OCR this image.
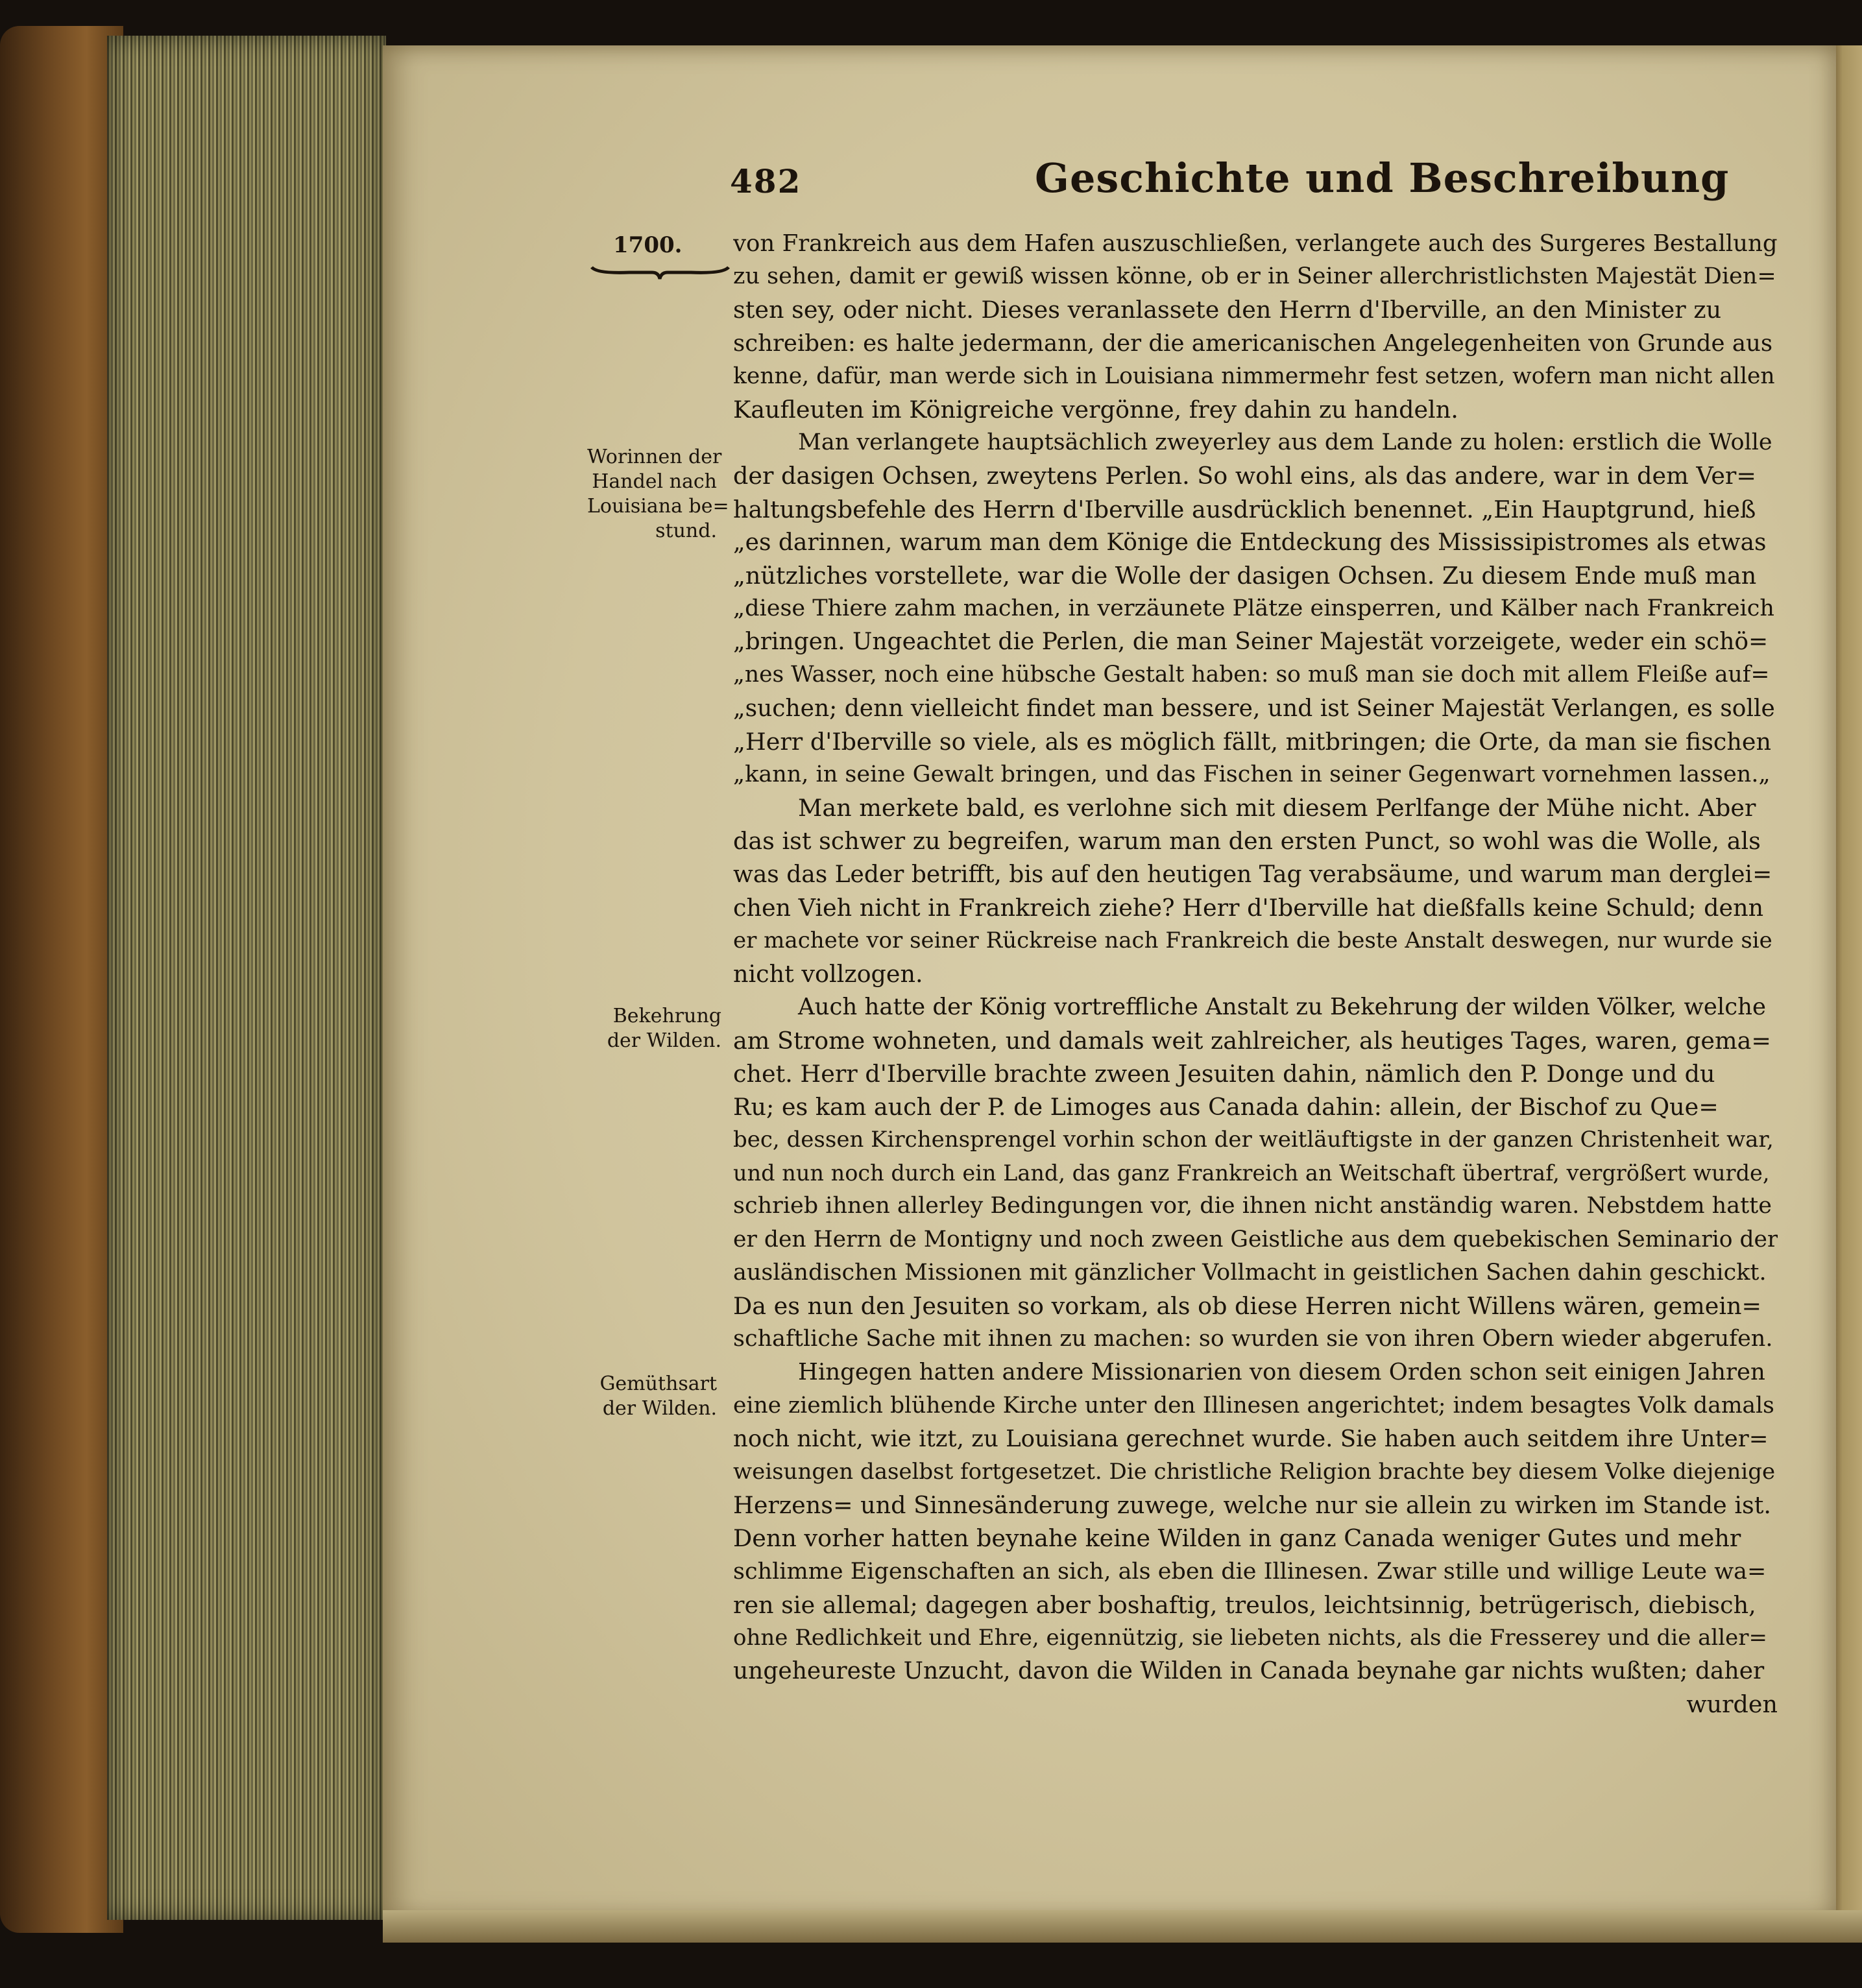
482	Geschichte und Beschreibung
1700.
Worinnen der
Handel nach
Louisiana be=
stund.
Bekehrung
der Wilden.
Gemüthsart
der Wilden.
von Frankreich aus dem Hafen auszuschließen, verlangete auch des Surgeres Bestallung
zu sehen, damit er gewiß wissen könne, ob er in Seiner allerchristlichsten Majestät Dien=
sten sey, oder nicht. Dieses veranlassete den Herrn d'Iberville, an den Minister zu
schreiben: es halte jedermann, der die americanischen Angelegenheiten von Grunde aus
kenne, dafür, man werde sich in Louisiana nimmermehr fest setzen, wofern man nicht allen
Kaufleuten im Königreiche vergönne, frey dahin zu handeln.
Man verlangete hauptsächlich zweyerley aus dem Lande zu holen: erstlich die Wolle
der dasigen Ochsen, zweytens Perlen. So wohl eins, als das andere, war in dem Ver=
haltungsbefehle des Herrn d'Iberville ausdrücklich benennet. „Ein Hauptgrund, hieß
„es darinnen, warum man dem Könige die Entdeckung des Mississipistromes als etwas
„nützliches vorstellete, war die Wolle der dasigen Ochsen. Zu diesem Ende muß man
„diese Thiere zahm machen, in verzäunete Plätze einsperren, und Kälber nach Frankreich
„bringen. Ungeachtet die Perlen, die man Seiner Majestät vorzeigete, weder ein schö=
„nes Wasser, noch eine hübsche Gestalt haben: so muß man sie doch mit allem Fleiße auf=
„suchen; denn vielleicht findet man bessere, und ist Seiner Majestät Verlangen, es solle
„Herr d'Iberville so viele, als es möglich fällt, mitbringen; die Orte, da man sie fischen
„kann, in seine Gewalt bringen, und das Fischen in seiner Gegenwart vornehmen lassen.„
Man merkete bald, es verlohne sich mit diesem Perlfange der Mühe nicht. Aber
das ist schwer zu begreifen, warum man den ersten Punct, so wohl was die Wolle, als
was das Leder betrifft, bis auf den heutigen Tag verabsäume, und warum man derglei=
chen Vieh nicht in Frankreich ziehe? Herr d'Iberville hat dießfalls keine Schuld; denn
er machete vor seiner Rückreise nach Frankreich die beste Anstalt deswegen, nur wurde sie
nicht vollzogen.
Auch hatte der König vortreffliche Anstalt zu Bekehrung der wilden Völker, welche
am Strome wohneten, und damals weit zahlreicher, als heutiges Tages, waren, gema=
chet. Herr d'Iberville brachte zween Jesuiten dahin, nämlich den P. Donge und du
Ru; es kam auch der P. de Limoges aus Canada dahin: allein, der Bischof zu Que=
bec, dessen Kirchensprengel vorhin schon der weitläuftigste in der ganzen Christenheit war,
und nun noch durch ein Land, das ganz Frankreich an Weitschaft übertraf, vergrößert wurde,
schrieb ihnen allerley Bedingungen vor, die ihnen nicht anständig waren. Nebstdem hatte
er den Herrn de Montigny und noch zween Geistliche aus dem quebekischen Seminario der
ausländischen Missionen mit gänzlicher Vollmacht in geistlichen Sachen dahin geschickt.
Da es nun den Jesuiten so vorkam, als ob diese Herren nicht Willens wären, gemein=
schaftliche Sache mit ihnen zu machen: so wurden sie von ihren Obern wieder abgerufen.
Hingegen hatten andere Missionarien von diesem Orden schon seit einigen Jahren
eine ziemlich blühende Kirche unter den Illinesen angerichtet; indem besagtes Volk damals
noch nicht, wie itzt, zu Louisiana gerechnet wurde. Sie haben auch seitdem ihre Unter=
weisungen daselbst fortgesetzet. Die christliche Religion brachte bey diesem Volke diejenige
Herzens= und Sinnesänderung zuwege, welche nur sie allein zu wirken im Stande ist.
Denn vorher hatten beynahe keine Wilden in ganz Canada weniger Gutes und mehr
schlimme Eigenschaften an sich, als eben die Illinesen. Zwar stille und willige Leute wa=
ren sie allemal; dagegen aber boshaftig, treulos, leichtsinnig, betrügerisch, diebisch,
ohne Redlichkeit und Ehre, eigennützig, sie liebeten nichts, als die Fresserey und die aller=
ungeheureste Unzucht, davon die Wilden in Canada beynahe gar nichts wußten; daher
wurden
